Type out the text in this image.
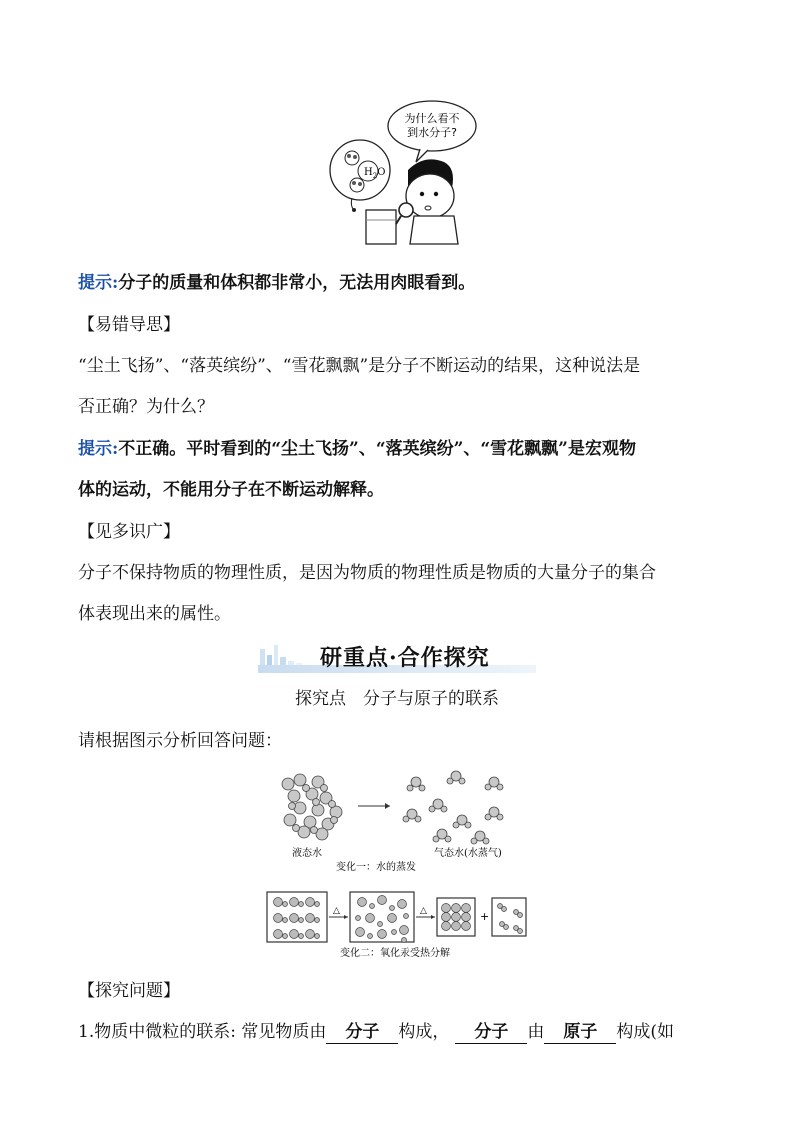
为什么看不
到水分子?
$H_2O$
提示:分子的质量和体积都非常小，无法用肉眼看到。
【易错导思】
“尘土飞扬”、“落英缤纷”、“雪花飘飘”是分子不断运动的结果，这种说法是
否正确？为什么？
提示:不正确。平时看到的“尘土飞扬”、“落英缤纷”、“雪花飘飘”是宏观物
体的运动，不能用分子在不断运动解释。
【见多识广】
分子不保持物质的物理性质，是因为物质的物理性质是物质的大量分子的集合
体表现出来的属性。
研重点·合作探究
探究点　分子与原子的联系
请根据图示分析回答问题：
液态水	气态水(水蒸气)
变化一：水的蒸发
△	△	+
变化二：氧化汞受热分解
【探究问题】
1.物质中微粒的联系: 常见物质由 分子 构成， 分子 由 原子 构成(如
